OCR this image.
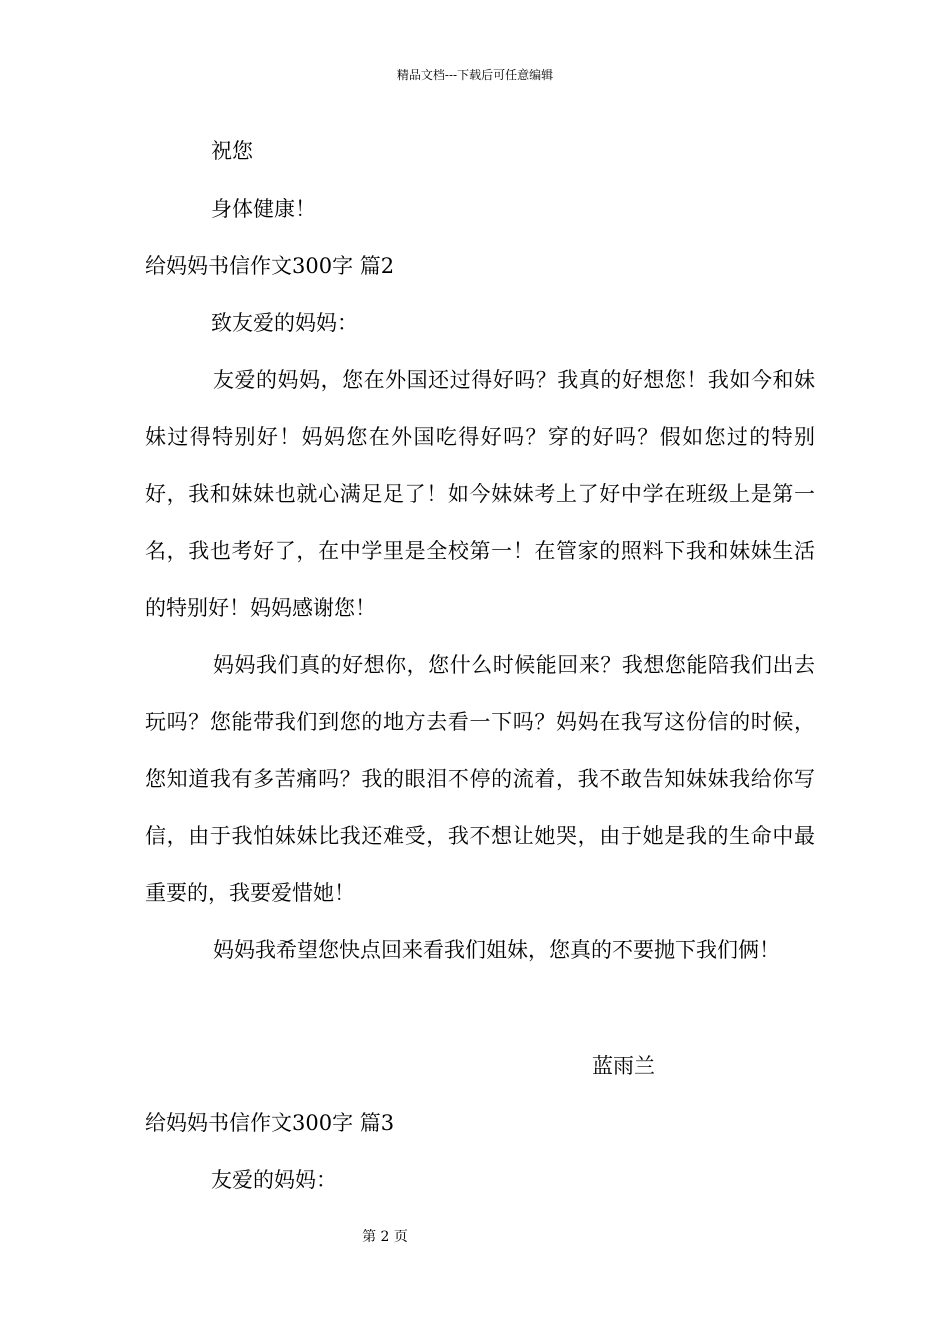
精品文档---下载后可任意编辑
祝您
身体健康！
给妈妈书信作文300字 篇2
致友爱的妈妈：
友爱的妈妈，您在外国还过得好吗？我真的好想您！我如今和妹妹过得特别好！妈妈您在外国吃得好吗？穿的好吗？假如您过的特别好，我和妹妹也就心满足足了！如今妹妹考上了好中学在班级上是第一名，我也考好了，在中学里是全校第一！在管家的照料下我和妹妹生活的特别好！妈妈感谢您！
妈妈我们真的好想你，您什么时候能回来？我想您能陪我们出去玩吗？您能带我们到您的地方去看一下吗？妈妈在我写这份信的时候，您知道我有多苦痛吗？我的眼泪不停的流着，我不敢告知妹妹我给你写信，由于我怕妹妹比我还难受，我不想让她哭，由于她是我的生命中最重要的，我要爱惜她！
妈妈我希望您快点回来看我们姐妹，您真的不要抛下我们俩！
蓝雨兰
给妈妈书信作文300字 篇3
友爱的妈妈：
第 2 页
